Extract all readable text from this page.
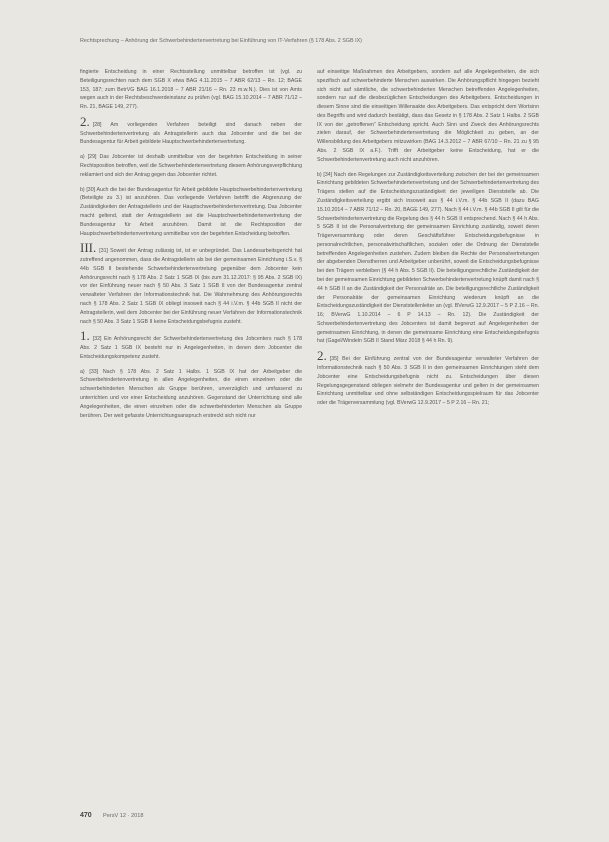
Rechtsprechung – Anhörung der Schwerbehindertenvertretung bei Einführung von IT-Verfahren (§ 178 Abs. 2 SGB IX)

fingierte Entscheidung in einer Rechtsstellung unmittelbar betroffen ist (vgl. zu Beteiligungsrechten nach dem SGB X etwa BAG 4.11.2015 – 7 ABR 62/13 – Rn. 12; BAGE 153, 187; zum BetrVG BAG 16.1.2018 – 7 ABR 21/16 – Rn. 23 m.w.N.). Dies ist von Amts wegen auch in der Rechtsbeschwerdeinstanz zu prüfen (vgl. BAG 15.10.2014 – 7 ABR 71/12 – Rn. 21, BAGE 149, 277).

2. [28] Am vorliegenden Verfahren beteiligt sind danach neben der Schwerbehindertenvertretung als Antragstellerin auch das Jobcenter und die bei der Bundesagentur für Arbeit gebildete Hauptschwerbehindertenvertretung.

a) [29] Das Jobcenter ist deshalb unmittelbar von der begehrten Entscheidung in seiner Rechtsposition betroffen, weil die Schwerbehindertenvertretung diesem Anhörungsverpflichtung reklamiert und sich der Antrag gegen das Jobcenter richtet.

b) [30] Auch die bei der Bundesagentur für Arbeit gebildete Hauptschwerbehindertenvertretung (Beteiligte zu 3.) ist anzuhören. Das vorliegende Verfahren betrifft die Abgrenzung der Zuständigkeiten der Antragstellerin und der Hauptschwerbehindertenvertretung. Das Jobcenter macht geltend, statt der Antragstellerin sei die Hauptschwerbehindertenvertretung der Bundesagentur für Arbeit anzuhören. Damit ist die Rechtsposition der Hauptschwerbehindertenvertretung unmittelbar von der begehrten Entscheidung betroffen.

III. [31] Soweit der Antrag zulässig ist, ist er unbegründet. Das Landesarbeitsgericht hat zutreffend angenommen, dass die Antragstellerin als bei der gemeinsamen Einrichtung i.S.v. § 44b SGB II bestehende Schwerbehindertenvertretung gegenüber dem Jobcenter kein Anhörungsrecht nach § 178 Abs. 2 Satz 1 SGB IX (bis zum 31.12.2017: § 95 Abs. 2 SGB IX) vor der Einführung neuer nach § 50 Abs. 3 Satz 1 SGB II von der Bundesagentur zentral verwalteter Verfahren der Informationstechnik hat. Die Wahrnehmung des Anhörungsrechts nach § 178 Abs. 2 Satz 1 SGB IX obliegt insoweit nach § 44 i.V.m. § 44b SGB II nicht der Antragstellerin, weil dem Jobcenter bei der Einführung neuer Verfahren der Informationstechnik nach § 50 Abs. 3 Satz 1 SGB II keine Entscheidungsbefugnis zusteht.

1. [32] Ein Anhörungsrecht der Schwerbehindertenvertretung des Jobcenters nach § 178 Abs. 2 Satz 1 SGB IX besteht nur in Angelegenheiten, in denen dem Jobcenter die Entscheidungskompetenz zusteht.

a) [33] Nach § 178 Abs. 2 Satz 1 Halbs. 1 SGB IX hat der Arbeitgeber die Schwerbehindertenvertretung in allen Angelegenheiten, die einen einzelnen oder die schwerbehinderten Menschen als Gruppe berühren, unverzüglich und umfassend zu unterrichten und vor einer Entscheidung anzuhören. Gegenstand der Unterrichtung sind alle Angelegenheiten, die einen einzelnen oder die schwerbehinderten Menschen als Gruppe berühren. Der weit gefasste Unterrichtungsanspruch erstreckt sich nicht nur

auf einseitige Maßnahmen des Arbeitgebers, sondern auf alle Angelegenheiten, die sich spezifisch auf schwerbehinderte Menschen auswirken. Die Anhörungspflicht hingegen bezieht sich nicht auf sämtliche, die schwerbehinderten Menschen betreffenden Angelegenheiten, sondern nur auf die diesbezüglichen Entscheidungen des Arbeitgebers. Entscheidungen in diesem Sinne sind die einseitigen Willensakte des Arbeitgebers. Das entspricht dem Wortsinn des Begriffs und wird dadurch bestätigt, dass das Gesetz in § 178 Abs. 2 Satz 1 Halbs. 2 SGB IX von der „getroffenen“ Entscheidung spricht. Auch Sinn und Zweck des Anhörungsrechts zielen darauf, der Schwerbehindertenvertretung die Möglichkeit zu geben, an der Willensbildung des Arbeitgebers mitzuwirken (BAG 14.3.2012 – 7 ABR 67/10 – Rn. 21 zu § 95 Abs. 2 SGB IX a.F.). Trifft der Arbeitgeber keine Entscheidung, hat er die Schwerbehindertenvertretung auch nicht anzuhören.

b) [34] Nach den Regelungen zur Zuständigkeitsverteilung zwischen der bei der gemeinsamen Einrichtung gebildeten Schwerbehindertenvertretung und der Schwerbehindertenvertretung des Trägers stellen auf die Entscheidungszuständigkeit der jeweiligen Dienststelle ab. Die Zuständigkeitsverteilung ergibt sich insoweit aus § 44 i.V.m. § 44b SGB II (dazu BAG 15.10.2014 – 7 ABR 71/12 – Rn. 20, BAGE 149, 277). Nach § 44 i.V.m. § 44b SGB II gilt für die Schwerbehindertenvertretung die Regelung des § 44 h SGB II entsprechend. Nach § 44 h Abs. 5 SGB II ist die Personalvertretung der gemeinsamen Einrichtung zuständig, soweit deren Trägerversammlung oder deren Geschäftsführer Entscheidungsbefugnisse in personalrechtlichen, personalwirtschaftlichen, sozialen oder die Ordnung der Dienststelle betreffenden Angelegenheiten zustehen. Zudem bleiben die Rechte der Personalvertretungen der abgebenden Dienstherren und Arbeitgeber unberührt, soweit die Entscheidungsbefugnisse bei den Trägern verbleiben (§ 44 h Abs. 5 SGB II). Die beteiligungsrechtliche Zuständigkeit der bei der gemeinsamen Einrichtung gebildeten Schwerbehindertenvertretung knüpft damit nach § 44 h SGB II an die Zuständigkeit der Personalräte an. Die beteiligungsrechtliche Zuständigkeit der Personalräte der gemeinsamen Einrichtung wiederum knüpft an die Entscheidungszuständigkeit der Dienststellenleiter an (vgl. BVerwG 12.9.2017 – 5 P 2.16 – Rn. 16; BVerwG 1.10.2014 – 6 P 14.13 – Rn. 12). Die Zuständigkeit der Schwerbehindertenvertretung des Jobcenters ist damit begrenzt auf Angelegenheiten der gemeinsamen Einrichtung, in denen die gemeinsame Einrichtung eine Entscheidungsbefugnis hat (Gagel/Windeln SGB II Stand März 2018 § 44 h Rn. 9).

2. [35] Bei der Einführung zentral von der Bundesagentur verwalteter Verfahren der Informationstechnik nach § 50 Abs. 3 SGB II in den gemeinsamen Einrichtungen steht dem Jobcenter eine Entscheidungsbefugnis nicht zu. Entscheidungen über diesen Regelungsgegenstand obliegen vielmehr der Bundesagentur und gelten in der gemeinsamen Einrichtung unmittelbar und ohne selbständigen Entscheidungsspielraum für das Jobcenter oder die Trägerversammlung (vgl. BVerwG 12.9.2017 – 5 P 2.16 – Rn. 21;

470 PersV 12 · 2018
